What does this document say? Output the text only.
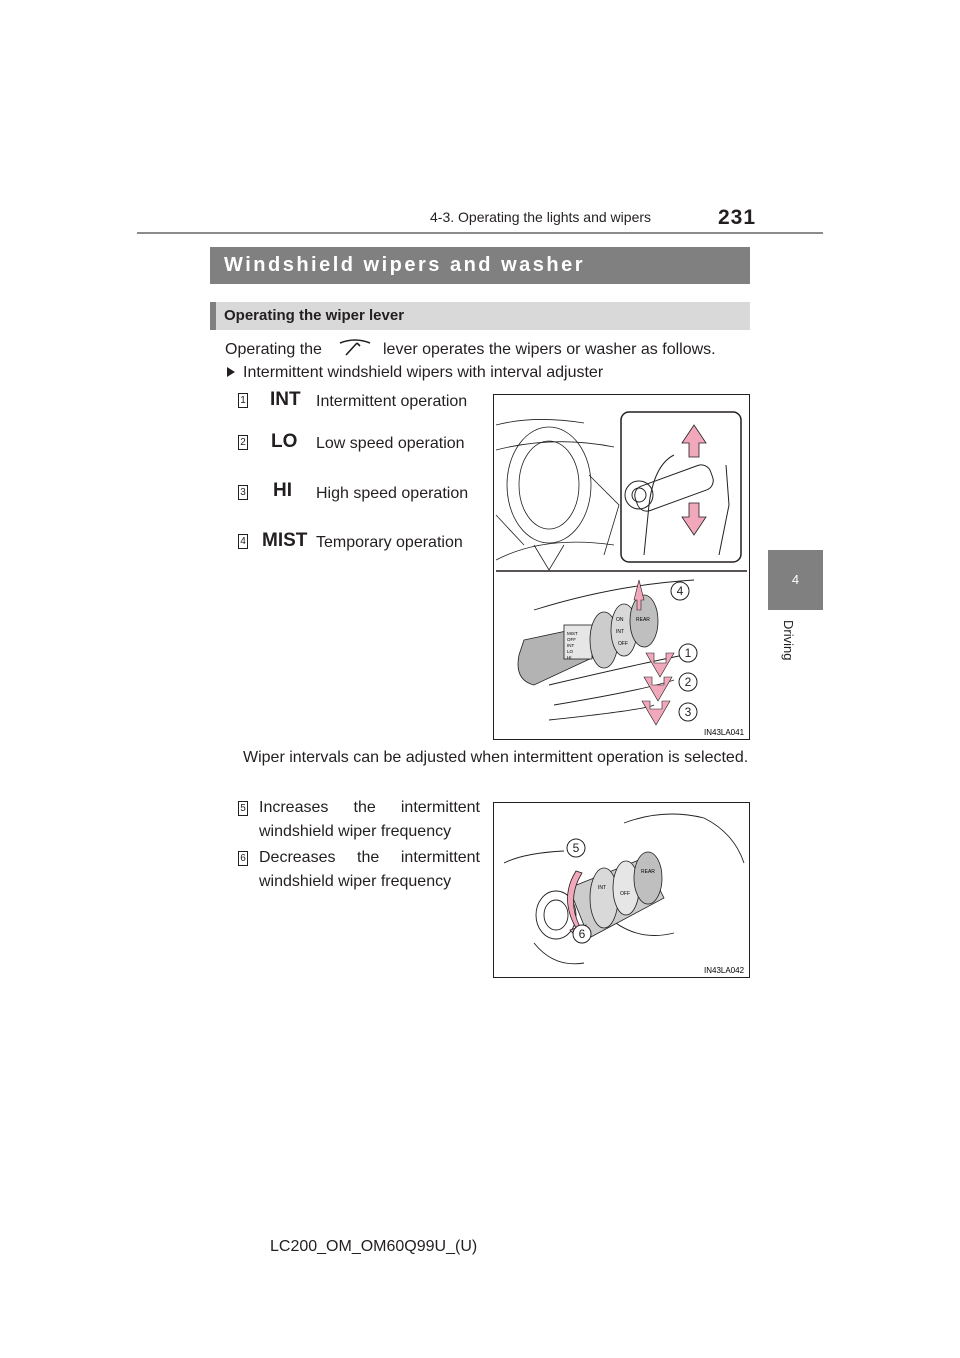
4-3. Operating the lights and wipers	231
4
Driving
Windshield wipers and washer
Operating the wiper lever
Operating the	lever operates the wipers or washer as follows.
Intermittent windshield wipers with interval adjuster
1 INT Intermittent operation
2 LO Low speed operation
3 HI High speed operation
4 MIST Temporary operation
MIST
OFF
INT
LO
HI
ON
INT
OFF
REAR
4
1
2
3
IN43LA041
Wiper intervals can be adjusted when intermittent operation is selected.
5 Increases the intermittent windshield wiper frequency
6 Decreases the intermittent windshield wiper frequency	INT
OFF
REAR
5
6
IN43LA042
LC200_OM_OM60Q99U_(U)
